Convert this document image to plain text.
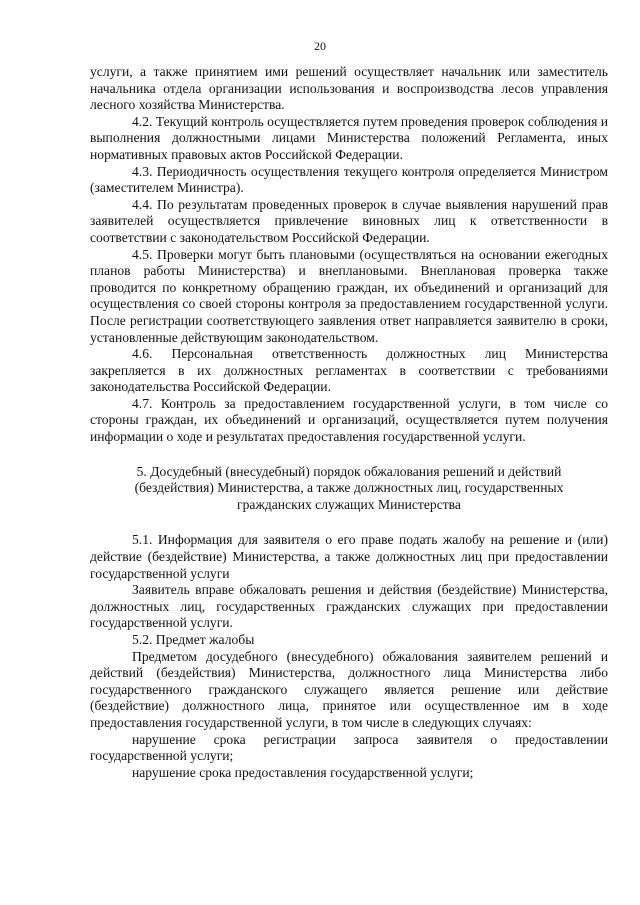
20

услуги, а также принятием ими решений осуществляет начальник или заместитель начальника отдела организации использования и воспроизводства лесов управления лесного хозяйства Министерства.

4.2. Текущий контроль осуществляется путем проведения проверок соблюдения и выполнения должностными лицами Министерства положений Регламента, иных нормативных правовых актов Российской Федерации.

4.3. Периодичность осуществления текущего контроля определяется Министром (заместителем Министра).

4.4. По результатам проведенных проверок в случае выявления нарушений прав заявителей осуществляется привлечение виновных лиц к ответственности в соответствии с законодательством Российской Федерации.

4.5. Проверки могут быть плановыми (осуществляться на основании ежегодных планов работы Министерства) и внеплановыми. Внеплановая проверка также проводится по конкретному обращению граждан, их объединений и организаций для осуществления со своей стороны контроля за предоставлением государственной услуги. После регистрации соответствующего заявления ответ направляется заявителю в сроки, установленные действующим законодательством.

4.6. Персональная ответственность должностных лиц Министерства закрепляется в их должностных регламентах в соответствии с требованиями законодательства Российской Федерации.

4.7. Контроль за предоставлением государственной услуги, в том числе со стороны граждан, их объединений и организаций, осуществляется путем получения информации о ходе и результатах предоставления государственной услуги.

5. Досудебный (внесудебный) порядок обжалования решений и действий (бездействия) Министерства, а также должностных лиц, государственных гражданских служащих Министерства

5.1. Информация для заявителя о его праве подать жалобу на решение и (или) действие (бездействие) Министерства, а также должностных лиц при предоставлении государственной услуги

Заявитель вправе обжаловать решения и действия (бездействие) Министерства, должностных лиц, государственных гражданских служащих при предоставлении государственной услуги.

5.2. Предмет жалобы

Предметом досудебного (внесудебного) обжалования заявителем решений и действий (бездействия) Министерства, должностного лица Министерства либо государственного гражданского служащего является решение или действие (бездействие) должностного лица, принятое или осуществленное им в ходе предоставления государственной услуги, в том числе в следующих случаях:

нарушение срока регистрации запроса заявителя о предоставлении государственной услуги;

нарушение срока предоставления государственной услуги;
